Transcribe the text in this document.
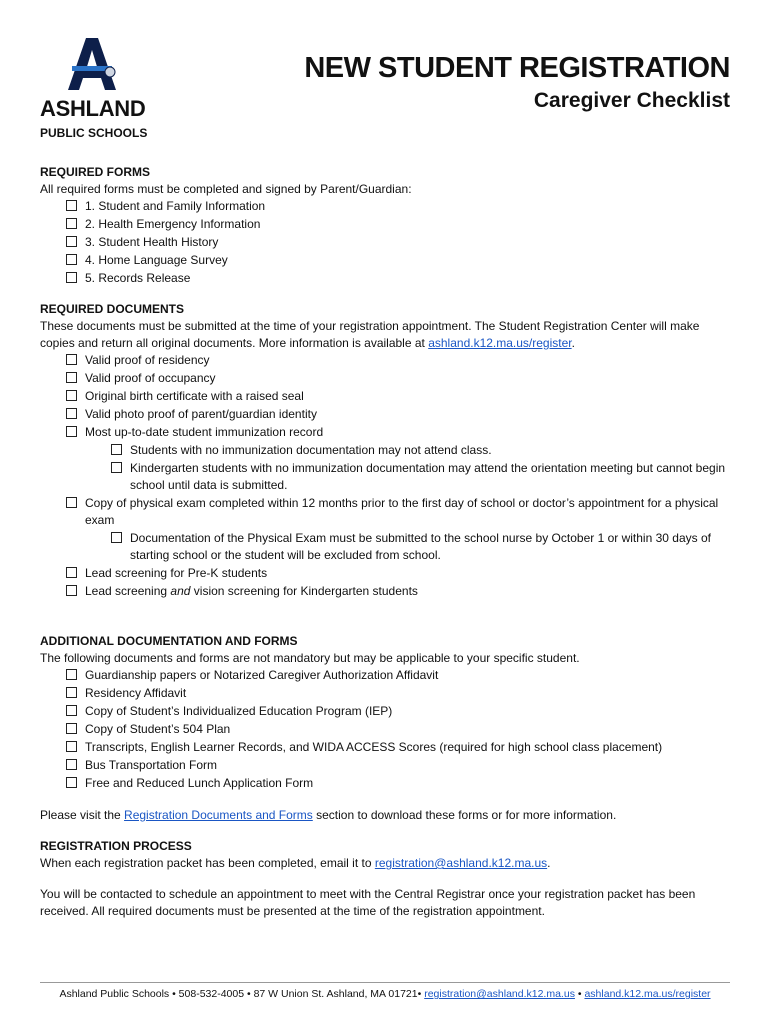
ASHLAND
PUBLIC SCHOOLS
NEW STUDENT REGISTRATION
Caregiver Checklist
REQUIRED FORMS

All required forms must be completed and signed by Parent/Guardian:

1. Student and Family Information
2. Health Emergency Information
3. Student Health History
4. Home Language Survey
5. Records Release
REQUIRED DOCUMENTS

These documents must be submitted at the time of your registration appointment. The Student Registration Center will make copies and return all original documents. More information is available at ashland.k12.ma.us/register.

Valid proof of residency
Valid proof of occupancy
Original birth certificate with a raised seal
Valid photo proof of parent/guardian identity
Most up-to-date student immunization record
Students with no immunization documentation may not attend class.
Kindergarten students with no immunization documentation may attend the orientation meeting but cannot begin school until data is submitted.
Copy of physical exam completed within 12 months prior to the first day of school or doctor’s appointment for a physical exam
Documentation of the Physical Exam must be submitted to the school nurse by October 1 or within 30 days of starting school or the student will be excluded from school.
Lead screening for Pre-K students
Lead screening and vision screening for Kindergarten students
ADDITIONAL DOCUMENTATION AND FORMS

The following documents and forms are not mandatory but may be applicable to your specific student.

Guardianship papers or Notarized Caregiver Authorization Affidavit
Residency Affidavit
Copy of Student’s Individualized Education Program (IEP)
Copy of Student’s 504 Plan
Transcripts, English Learner Records, and WIDA ACCESS Scores (required for high school class placement)
Bus Transportation Form
Free and Reduced Lunch Application Form

Please visit the Registration Documents and Forms section to download these forms or for more information.

REGISTRATION PROCESS

When each registration packet has been completed, email it to registration@ashland.k12.ma.us.

You will be contacted to schedule an appointment to meet with the Central Registrar once your registration packet has been received. All required documents must be presented at the time of the registration appointment.

Ashland Public Schools • 508-532-4005 • 87 W Union St. Ashland, MA 01721• registration@ashland.k12.ma.us • ashland.k12.ma.us/register
